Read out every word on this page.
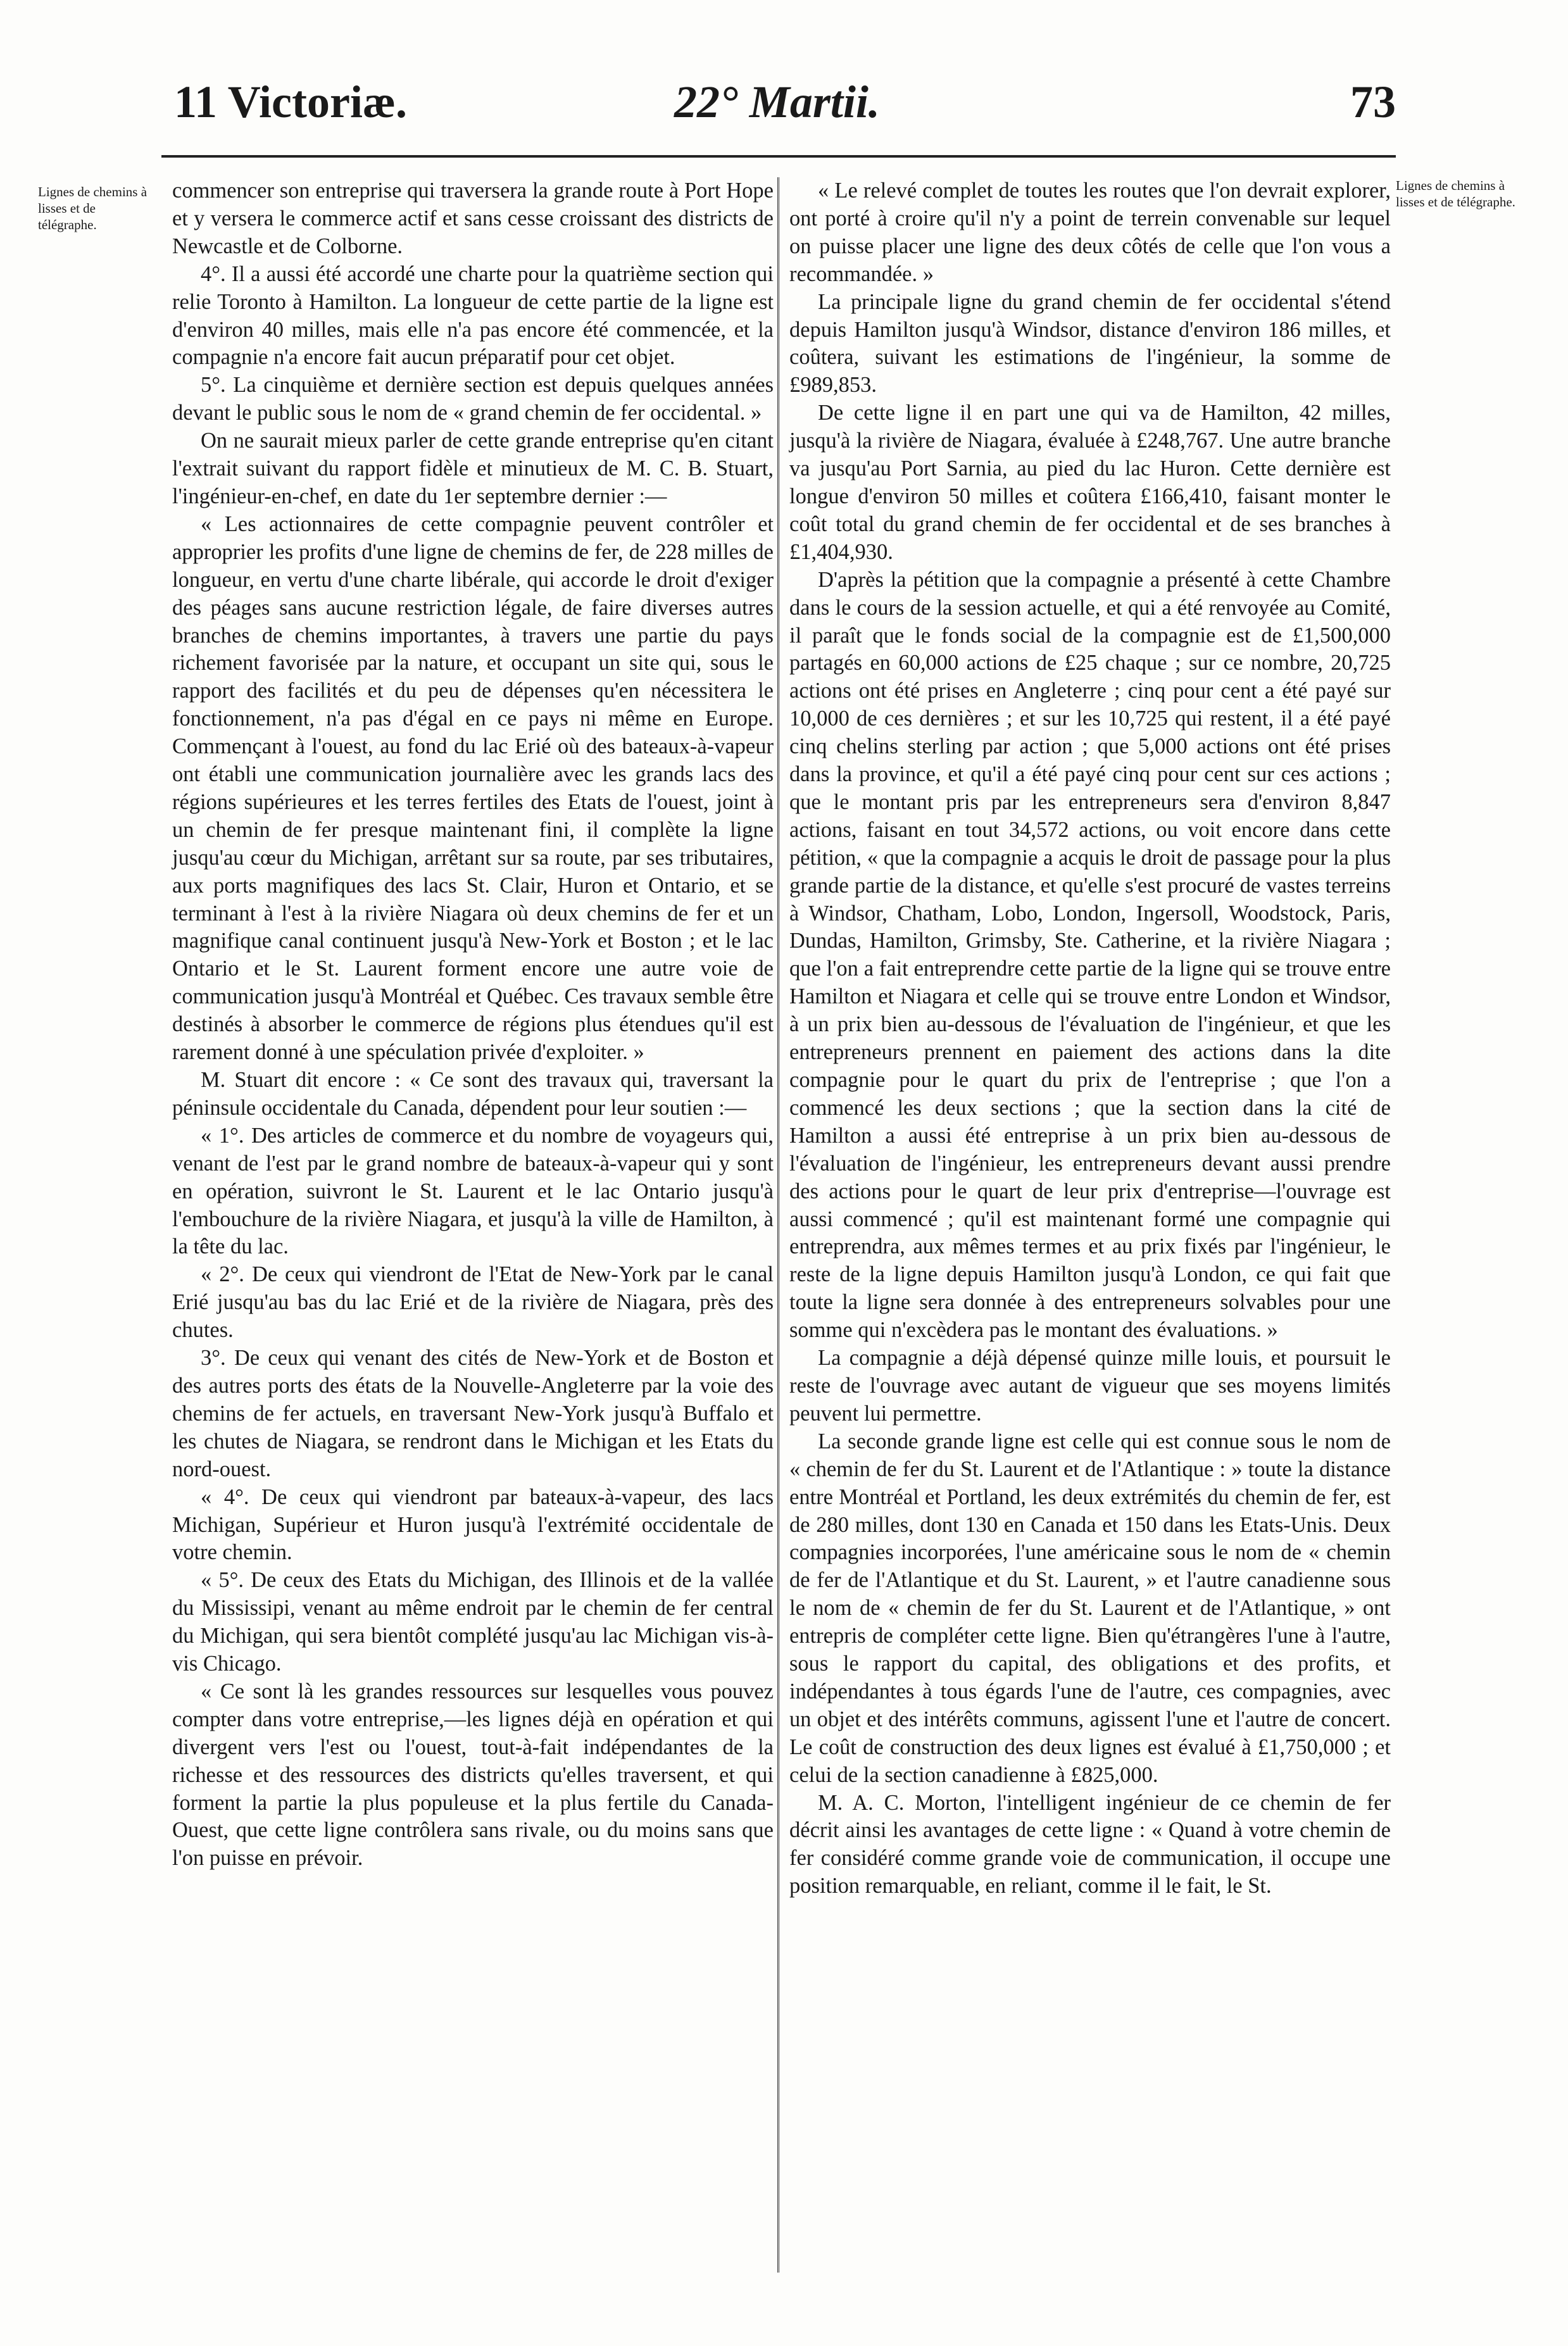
11 Victoriæ.	22° Martii.	73
Lignes de chemins à lisses et de télégraphe.
Lignes de chemins à lisses et de télégraphe.

commencer son entreprise qui traversera la grande route à Port Hope et y versera le commerce actif et sans cesse croissant des districts de Newcastle et de Colborne.

4°. Il a aussi été accordé une charte pour la quatrième section qui relie Toronto à Hamilton. La longueur de cette partie de la ligne est d'environ 40 milles, mais elle n'a pas encore été commencée, et la compagnie n'a encore fait aucun préparatif pour cet objet.

5°. La cinquième et dernière section est depuis quelques années devant le public sous le nom de « grand chemin de fer occidental. »

On ne saurait mieux parler de cette grande entreprise qu'en citant l'extrait suivant du rapport fidèle et minutieux de M. C. B. Stuart, l'ingénieur-en-chef, en date du 1er septembre dernier :—

« Les actionnaires de cette compagnie peuvent contrôler et approprier les profits d'une ligne de chemins de fer, de 228 milles de longueur, en vertu d'une charte libérale, qui accorde le droit d'exiger des péages sans aucune restriction légale, de faire diverses autres branches de chemins importantes, à travers une partie du pays richement favorisée par la nature, et occupant un site qui, sous le rapport des facilités et du peu de dépenses qu'en nécessitera le fonctionnement, n'a pas d'égal en ce pays ni même en Europe. Commençant à l'ouest, au fond du lac Erié où des bateaux-à-vapeur ont établi une communication journalière avec les grands lacs des régions supérieures et les terres fertiles des Etats de l'ouest, joint à un chemin de fer presque maintenant fini, il complète la ligne jusqu'au cœur du Michigan, arrêtant sur sa route, par ses tributaires, aux ports magnifiques des lacs St. Clair, Huron et Ontario, et se terminant à l'est à la rivière Niagara où deux chemins de fer et un magnifique canal continuent jusqu'à New-York et Boston ; et le lac Ontario et le St. Laurent forment encore une autre voie de communication jusqu'à Montréal et Québec. Ces travaux semble être destinés à absorber le commerce de régions plus étendues qu'il est rarement donné à une spéculation privée d'exploiter. »

M. Stuart dit encore : « Ce sont des travaux qui, traversant la péninsule occidentale du Canada, dépendent pour leur soutien :—

« 1°. Des articles de commerce et du nombre de voyageurs qui, venant de l'est par le grand nombre de bateaux-à-vapeur qui y sont en opération, suivront le St. Laurent et le lac Ontario jusqu'à l'embouchure de la rivière Niagara, et jusqu'à la ville de Hamilton, à la tête du lac.

« 2°. De ceux qui viendront de l'Etat de New-York par le canal Erié jusqu'au bas du lac Erié et de la rivière de Niagara, près des chutes.

3°. De ceux qui venant des cités de New-York et de Boston et des autres ports des états de la Nouvelle-Angleterre par la voie des chemins de fer actuels, en traversant New-York jusqu'à Buffalo et les chutes de Niagara, se rendront dans le Michigan et les Etats du nord-ouest.

« 4°. De ceux qui viendront par bateaux-à-vapeur, des lacs Michigan, Supérieur et Huron jusqu'à l'extrémité occidentale de votre chemin.

« 5°. De ceux des Etats du Michigan, des Illinois et de la vallée du Mississipi, venant au même endroit par le chemin de fer central du Michigan, qui sera bientôt complété jusqu'au lac Michigan vis-à-vis Chicago.

« Ce sont là les grandes ressources sur lesquelles vous pouvez compter dans votre entreprise,—les lignes déjà en opération et qui divergent vers l'est ou l'ouest, tout-à-fait indépendantes de la richesse et des ressources des districts qu'elles traversent, et qui forment la partie la plus populeuse et la plus fertile du Canada-Ouest, que cette ligne contrôlera sans rivale, ou du moins sans que l'on puisse en prévoir.

« Le relevé complet de toutes les routes que l'on devrait explorer, ont porté à croire qu'il n'y a point de terrein convenable sur lequel on puisse placer une ligne des deux côtés de celle que l'on vous a recommandée. »

La principale ligne du grand chemin de fer occidental s'étend depuis Hamilton jusqu'à Windsor, distance d'environ 186 milles, et coûtera, suivant les estimations de l'ingénieur, la somme de £989,853.

De cette ligne il en part une qui va de Hamilton, 42 milles, jusqu'à la rivière de Niagara, évaluée à £248,767. Une autre branche va jusqu'au Port Sarnia, au pied du lac Huron. Cette dernière est longue d'environ 50 milles et coûtera £166,410, faisant monter le coût total du grand chemin de fer occidental et de ses branches à £1,404,930.

D'après la pétition que la compagnie a présenté à cette Chambre dans le cours de la session actuelle, et qui a été renvoyée au Comité, il paraît que le fonds social de la compagnie est de £1,500,000 partagés en 60,000 actions de £25 chaque ; sur ce nombre, 20,725 actions ont été prises en Angleterre ; cinq pour cent a été payé sur 10,000 de ces dernières ; et sur les 10,725 qui restent, il a été payé cinq chelins sterling par action ; que 5,000 actions ont été prises dans la province, et qu'il a été payé cinq pour cent sur ces actions ; que le montant pris par les entrepreneurs sera d'environ 8,847 actions, faisant en tout 34,572 actions, ou voit encore dans cette pétition, « que la compagnie a acquis le droit de passage pour la plus grande partie de la distance, et qu'elle s'est procuré de vastes terreins à Windsor, Chatham, Lobo, London, Ingersoll, Woodstock, Paris, Dundas, Hamilton, Grimsby, Ste. Catherine, et la rivière Niagara ; que l'on a fait entreprendre cette partie de la ligne qui se trouve entre Hamilton et Niagara et celle qui se trouve entre London et Windsor, à un prix bien au-dessous de l'évaluation de l'ingénieur, et que les entrepreneurs prennent en paiement des actions dans la dite compagnie pour le quart du prix de l'entreprise ; que l'on a commencé les deux sections ; que la section dans la cité de Hamilton a aussi été entreprise à un prix bien au-dessous de l'évaluation de l'ingénieur, les entrepreneurs devant aussi prendre des actions pour le quart de leur prix d'entreprise—l'ouvrage est aussi commencé ; qu'il est maintenant formé une compagnie qui entreprendra, aux mêmes termes et au prix fixés par l'ingénieur, le reste de la ligne depuis Hamilton jusqu'à London, ce qui fait que toute la ligne sera donnée à des entrepreneurs solvables pour une somme qui n'excèdera pas le montant des évaluations. »

La compagnie a déjà dépensé quinze mille louis, et poursuit le reste de l'ouvrage avec autant de vigueur que ses moyens limités peuvent lui permettre.

La seconde grande ligne est celle qui est connue sous le nom de « chemin de fer du St. Laurent et de l'Atlantique : » toute la distance entre Montréal et Portland, les deux extrémités du chemin de fer, est de 280 milles, dont 130 en Canada et 150 dans les Etats-Unis. Deux compagnies incorporées, l'une américaine sous le nom de « chemin de fer de l'Atlantique et du St. Laurent, » et l'autre canadienne sous le nom de « chemin de fer du St. Laurent et de l'Atlantique, » ont entrepris de compléter cette ligne. Bien qu'étrangères l'une à l'autre, sous le rapport du capital, des obligations et des profits, et indépendantes à tous égards l'une de l'autre, ces compagnies, avec un objet et des intérêts communs, agissent l'une et l'autre de concert. Le coût de construction des deux lignes est évalué à £1,750,000 ; et celui de la section canadienne à £825,000.

M. A. C. Morton, l'intelligent ingénieur de ce chemin de fer décrit ainsi les avantages de cette ligne : « Quand à votre chemin de fer considéré comme grande voie de communication, il occupe une position remarquable, en reliant, comme il le fait, le St.
